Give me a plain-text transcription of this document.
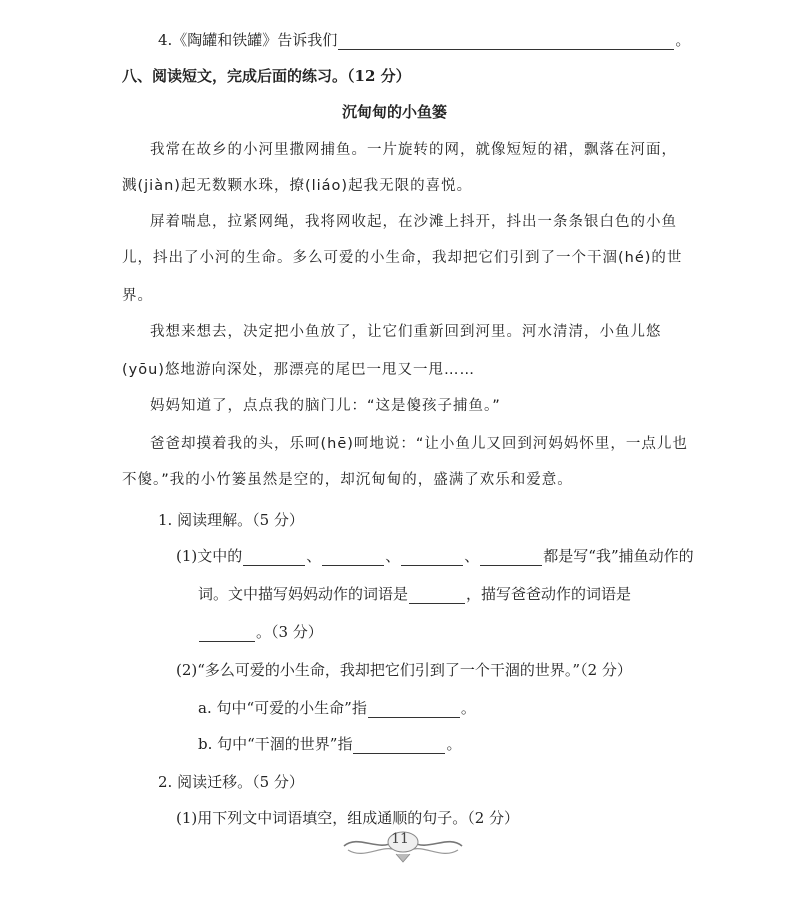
4.《陶罐和铁罐》告诉我们	。
八、阅读短文，完成后面的练习。（12 分）
沉甸甸的小鱼篓
我常在故乡的小河里撒网捕鱼。一片旋转的网，就像短短的裙，飘落在河面，
溅(jiàn)起无数颗水珠，撩(liáo)起我无限的喜悦。
屏着喘息，拉紧网绳，我将网收起，在沙滩上抖开，抖出一条条银白色的小鱼
儿，抖出了小河的生命。多么可爱的小生命，我却把它们引到了一个干涸(hé)的世
界。
我想来想去，决定把小鱼放了，让它们重新回到河里。河水清清，小鱼儿悠
(yōu)悠地游向深处，那漂亮的尾巴一甩又一甩……
妈妈知道了，点点我的脑门儿：“这是傻孩子捕鱼。”
爸爸却摸着我的头，乐呵(hē)呵地说：“让小鱼儿又回到河妈妈怀里，一点儿也
不傻。”我的小竹篓虽然是空的，却沉甸甸的，盛满了欢乐和爱意。
1. 阅读理解。（5 分）
(1)文中的	、	、	、	都是写“我”捕鱼动作的
词。文中描写妈妈动作的词语是	，描写爸爸动作的词语是
。（3 分）
(2)“多么可爱的小生命，我却把它们引到了一个干涸的世界。”（2 分）
a. 句中“可爱的小生命”指	。
b. 句中“干涸的世界”指	。
2. 阅读迁移。（5 分）
(1)用下列文中词语填空，组成通顺的句子。（2 分）
11
